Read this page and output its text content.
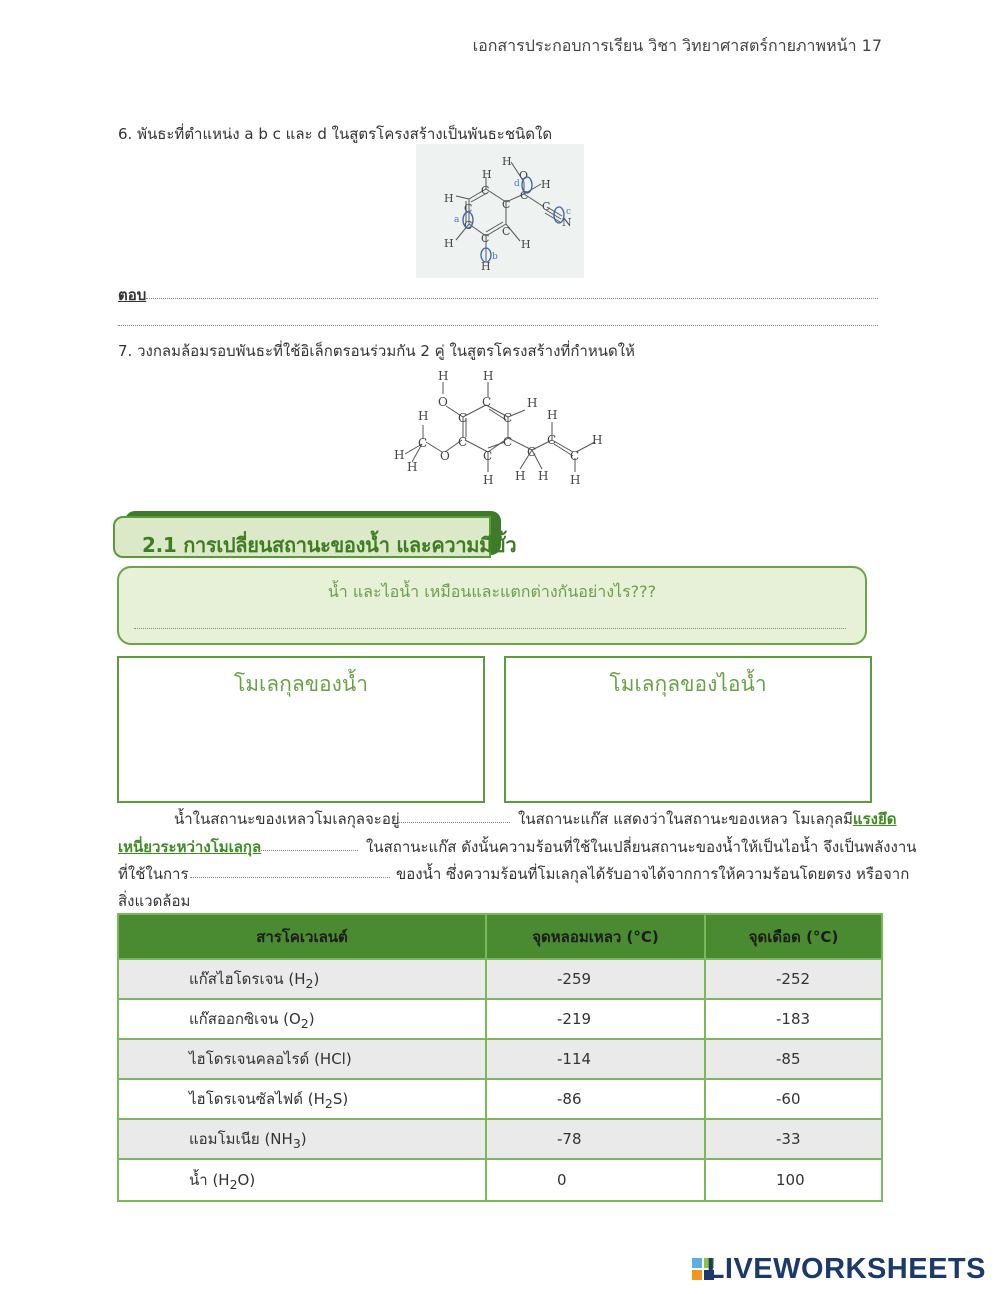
เอกสารประกอบการเรียน วิชา วิทยาศาสตร์กายภาพหน้า 17
6. พันธะที่ตำแหน่ง a b c และ d ในสูตรโครงสร้างเป็นพันธะชนิดใด
H
O
H
H
C
C
H
C
C
H C
C
H
H
C
C
N
a
b
c
d
ตอบ
7. วงกลมล้อมรอบพันธะที่ใช้อิเล็กตรอนร่วมกัน 2 คู่ ในสูตรโครงสร้างที่กำหนดให้
H
O
H
C	H
C
C
C	C
C
H
O
H
C
H
H
C
H H
H
C
C
H
H
2.1 การเปลี่ยนสถานะของน้ำ และความมีขั้ว
น้ำ และไอน้ำ เหมือนและแตกต่างกันอย่างไร???
โมเลกุลของน้ำ	โมเลกุลของไอน้ำ
น้ำในสถานะของเหลวโมเลกุลจะอยู่	ในสถานะแก๊ส แสดงว่าในสถานะของเหลว โมเลกุลมีแรงยึด
เหนี่ยวระหว่างโมเลกุล	ในสถานะแก๊ส ดังนั้นความร้อนที่ใช้ในเปลี่ยนสถานะของน้ำให้เป็นไอน้ำ จึงเป็นพลังงาน
ที่ใช้ในการ	ของน้ำ ซึ่งความร้อนที่โมเลกุลได้รับอาจได้จากการให้ความร้อนโดยตรง หรือจาก
สิ่งแวดล้อม
สารโคเวเลนต์	จุดหลอมเหลว (°C)	จุดเดือด (°C)
แก๊สไฮโดรเจน $(H_2)$	-259	-252
แก๊สออกซิเจน $(O_2)$	-219	-183
ไฮโดรเจนคลอไรด์ (HCl)	-114	-85
ไฮโดรเจนซัลไฟด์ $(H_2S)$	-86	-60
แอมโมเนีย $(NH_3)$	-78	-33
น้ำ $(H_2O)$	0	100
LIVEWORKSHEETS
